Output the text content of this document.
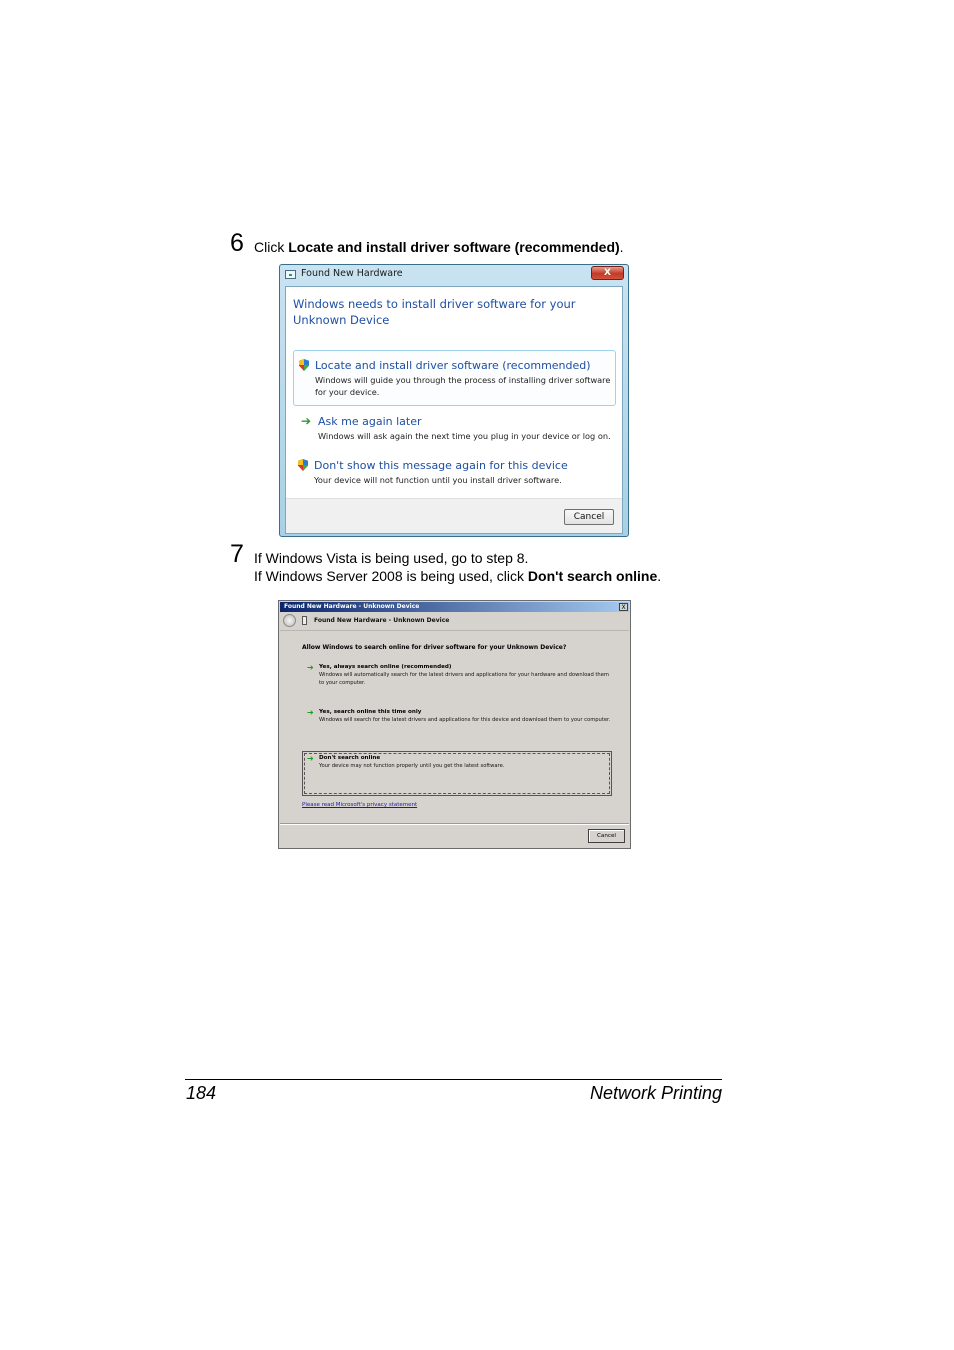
6 Click Locate and install driver software (recommended).
Found New Hardware	X
Windows needs to install driver software for your Unknown Device
Locate and install driver software (recommended)
Windows will guide you through the process of installing driver software for your device.
➔ Ask me again later
Windows will ask again the next time you plug in your device or log on.
Don't show this message again for this device
Your device will not function until you install driver software.
Cancel
7 If Windows Vista is being used, go to step 8.
If Windows Server 2008 is being used, click Don't search online.
Found New Hardware - Unknown Device	X
Found New Hardware - Unknown Device
Allow Windows to search online for driver software for your Unknown Device?
➔ Yes, always search online (recommended)
Windows will automatically search for the latest drivers and applications for your hardware and download them to your computer.
➔ Yes, search online this time only
Windows will search for the latest drivers and applications for this device and download them to your computer.
➔ Don't search online
Your device may not function properly until you get the latest software.
Please read Microsoft's privacy statement
Cancel
184	Network Printing
